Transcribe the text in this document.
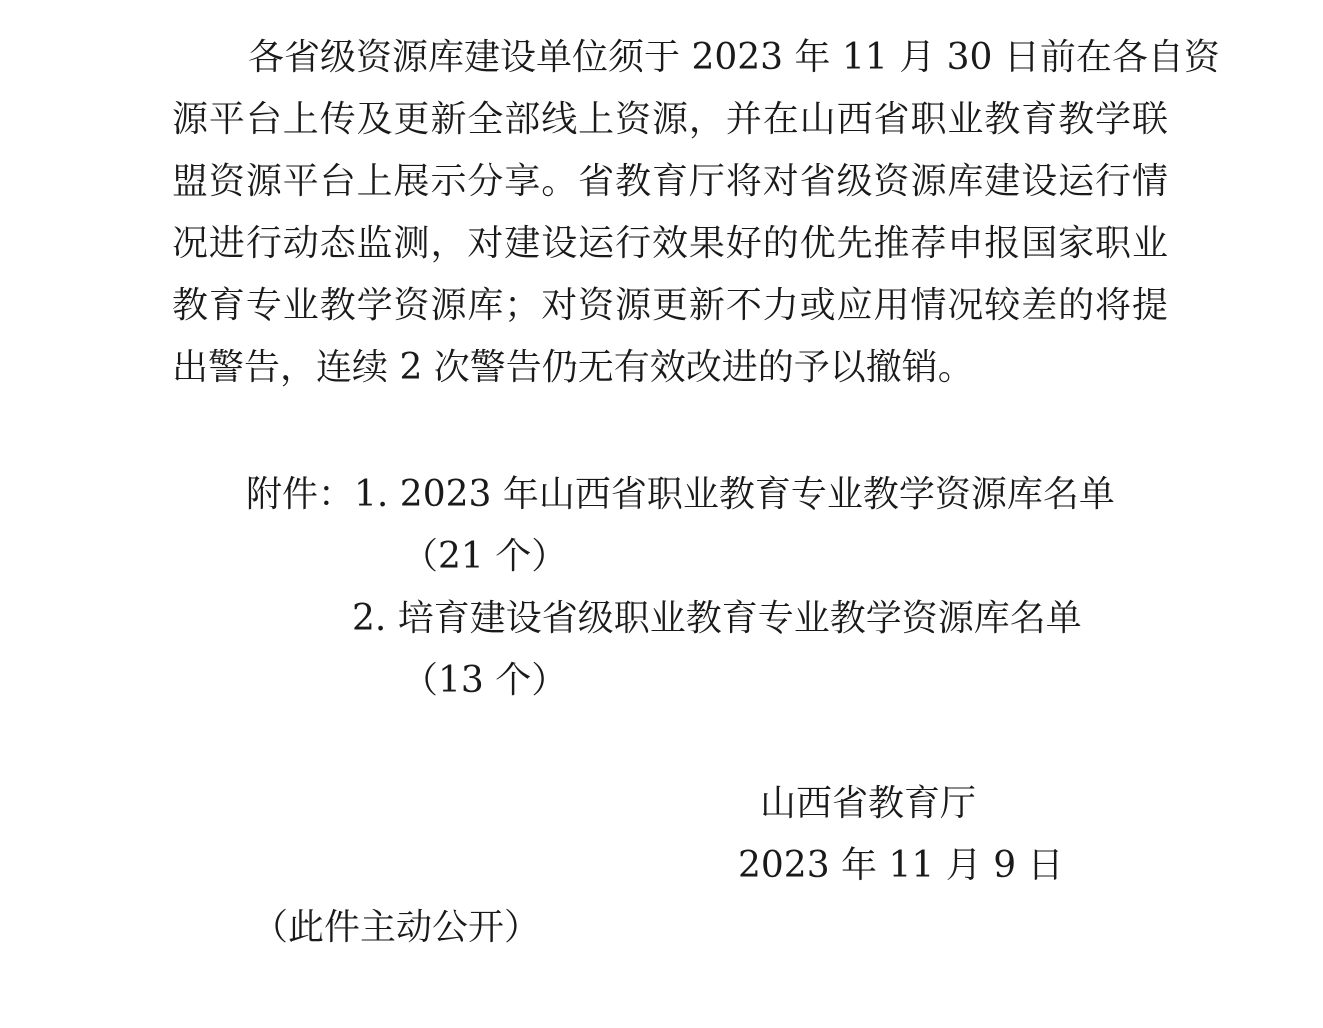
各省级资源库建设单位须于 2023 年 11 月 30 日前在各自资
源平台上传及更新全部线上资源，并在山西省职业教育教学联
盟资源平台上展示分享。省教育厅将对省级资源库建设运行情
况进行动态监测，对建设运行效果好的优先推荐申报国家职业
教育专业教学资源库；对资源更新不力或应用情况较差的将提
出警告，连续 2 次警告仍无有效改进的予以撤销。
附件：1. 2023 年山西省职业教育专业教学资源库名单
（21 个）
2. 培育建设省级职业教育专业教学资源库名单
（13 个）
山西省教育厅
2023 年 11 月 9 日
（此件主动公开）
